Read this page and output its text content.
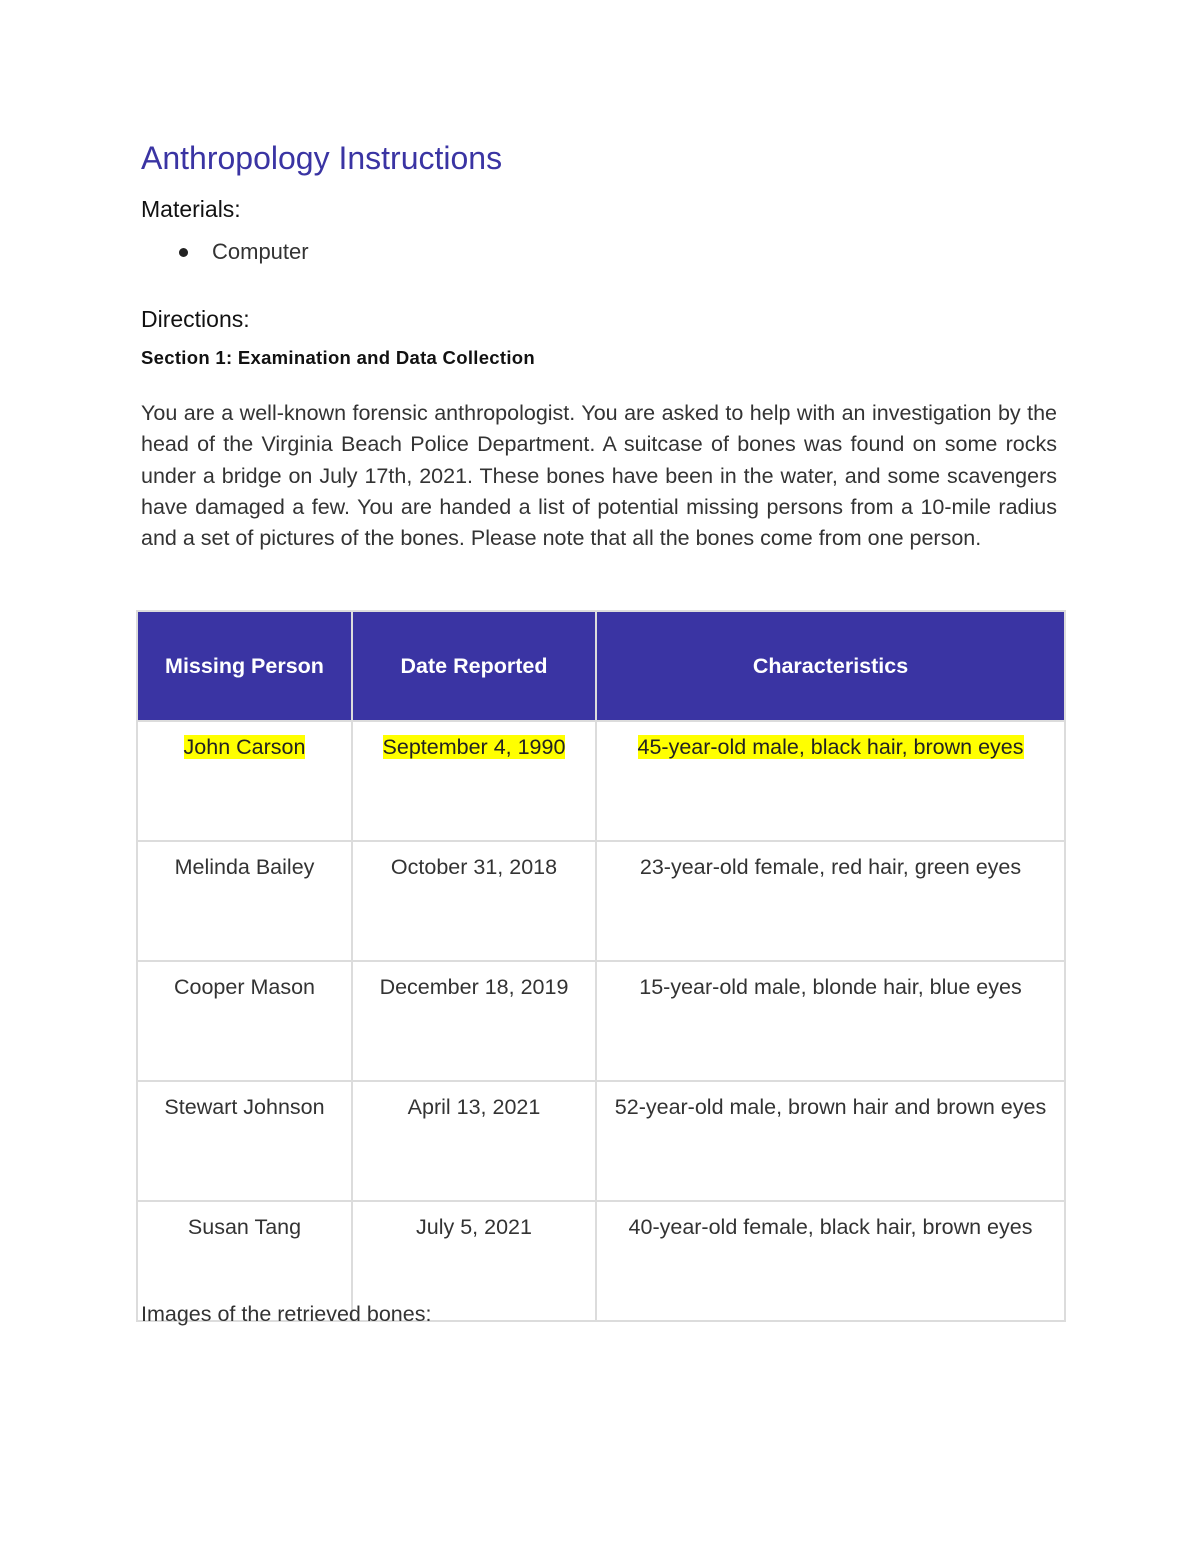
Anthropology Instructions
Materials:
Computer
Directions:
Section 1: Examination and Data Collection

You are a well-known forensic anthropologist. You are asked to help with an investigation by the head of the Virginia Beach Police Department. A suitcase of bones was found on some rocks under a bridge on July 17th, 2021. These bones have been in the water, and some scavengers have damaged a few. You are handed a list of potential missing persons from a 10-mile radius and a set of pictures of the bones. Please note that all the bones come from one person.

Missing Person	Date Reported	Characteristics
John Carson	September 4, 1990	45-year-old male, black hair, brown eyes
Melinda Bailey	October 31, 2018	23-year-old female, red hair, green eyes
Cooper Mason	December 18, 2019	15-year-old male, blonde hair, blue eyes
Stewart Johnson	April 13, 2021	52-year-old male, brown hair and brown eyes
Susan Tang	July 5, 2021	40-year-old female, black hair, brown eyes

Images of the retrieved bones:
